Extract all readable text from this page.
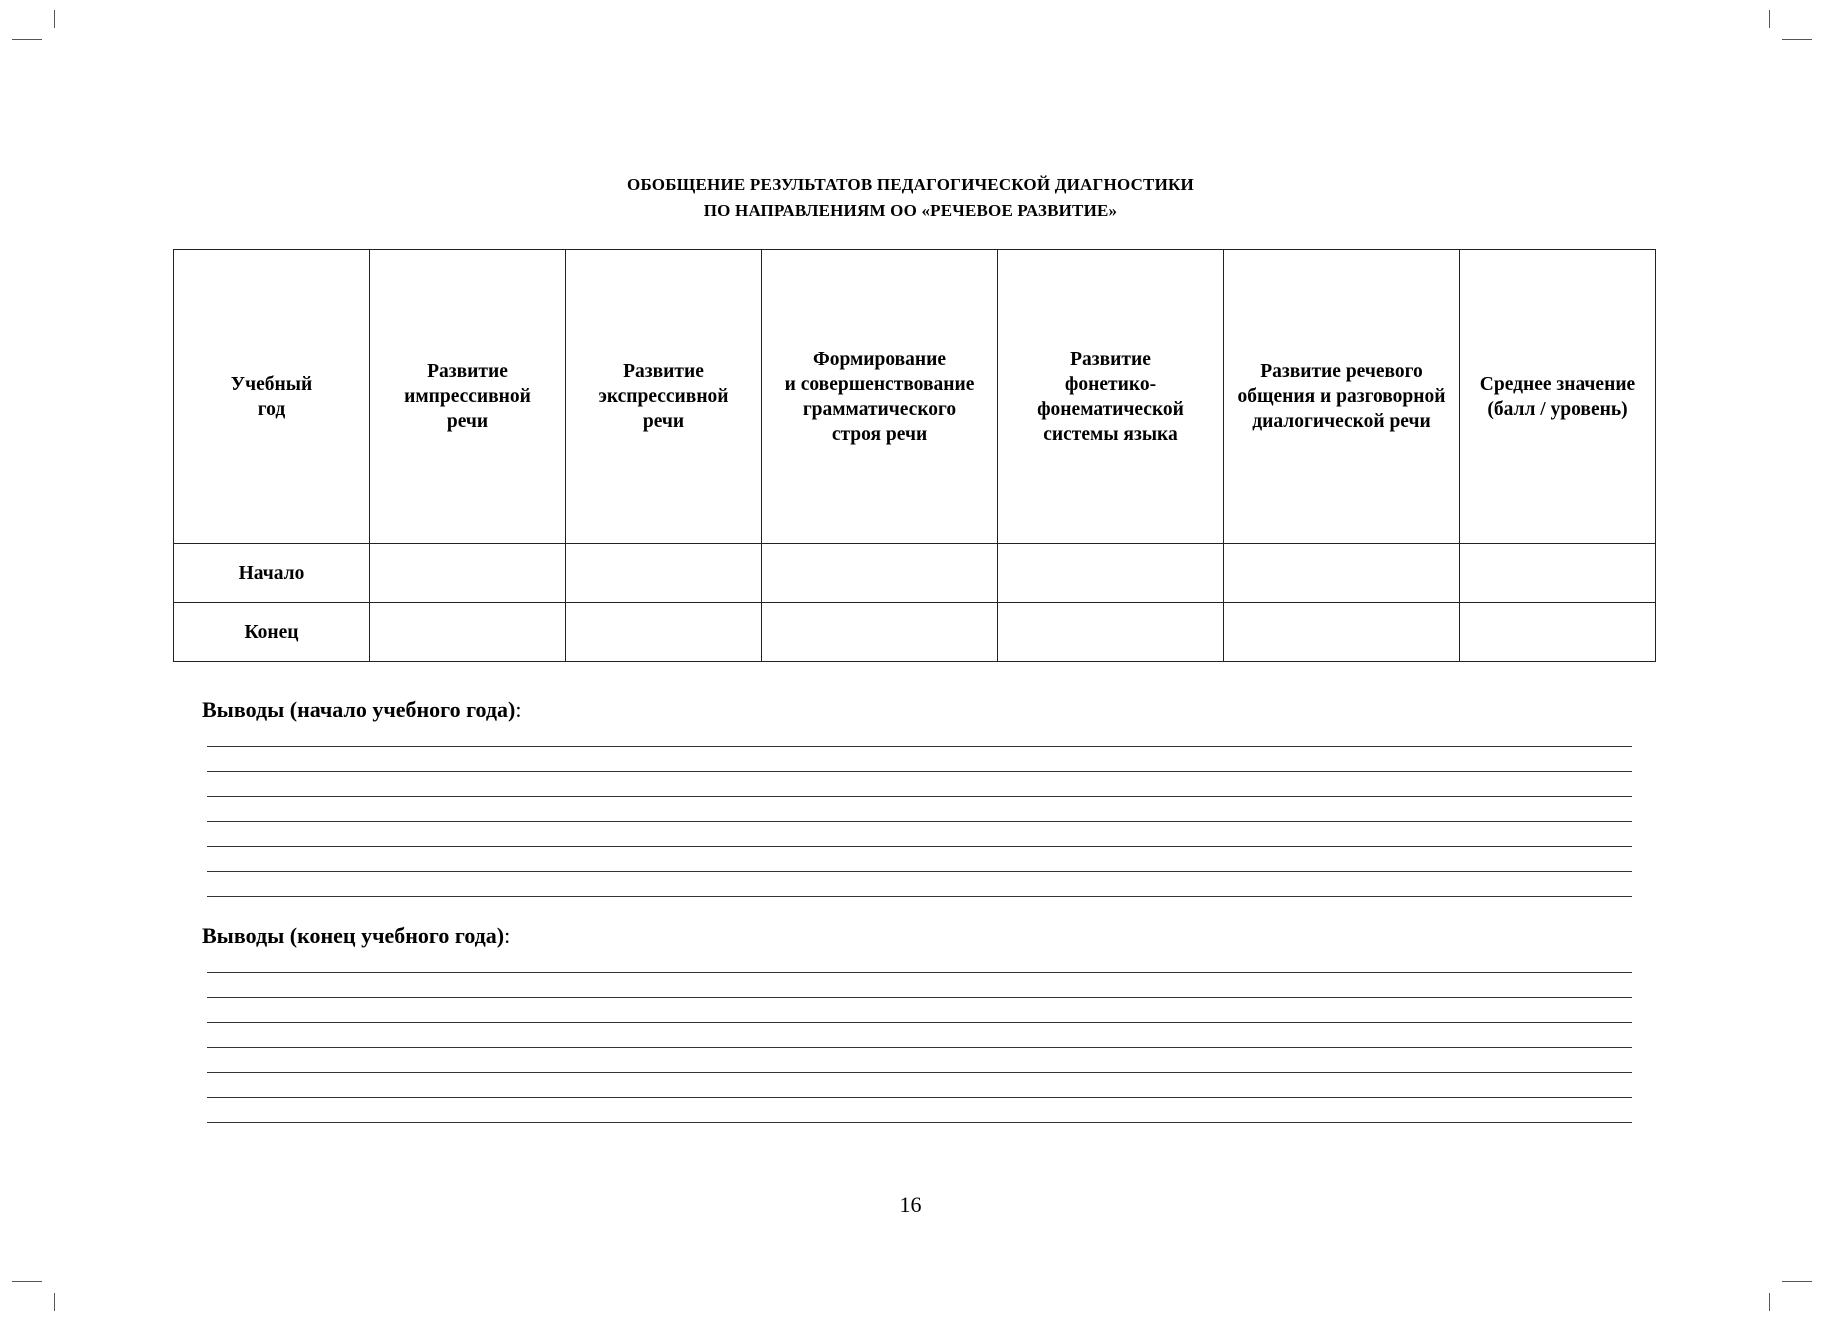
ОБОБЩЕНИЕ РЕЗУЛЬТАТОВ ПЕДАГОГИЧЕСКОЙ ДИАГНОСТИКИ
ПО НАПРАВЛЕНИЯМ ОО «РЕЧЕВОЕ РАЗВИТИЕ»
Учебный
год	Развитие
импрессивной
речи	Развитие
экспрессивной
речи	Формирование
и совершенствование
грамматического
строя речи	Развитие
фонетико-
фонематической
системы языка	Развитие речевого
общения и разговорной
диалогической речи	Среднее значение
(балл / уровень)
Начало						
Конец						
Выводы (начало учебного года):
Выводы (конец учебного года):
16
